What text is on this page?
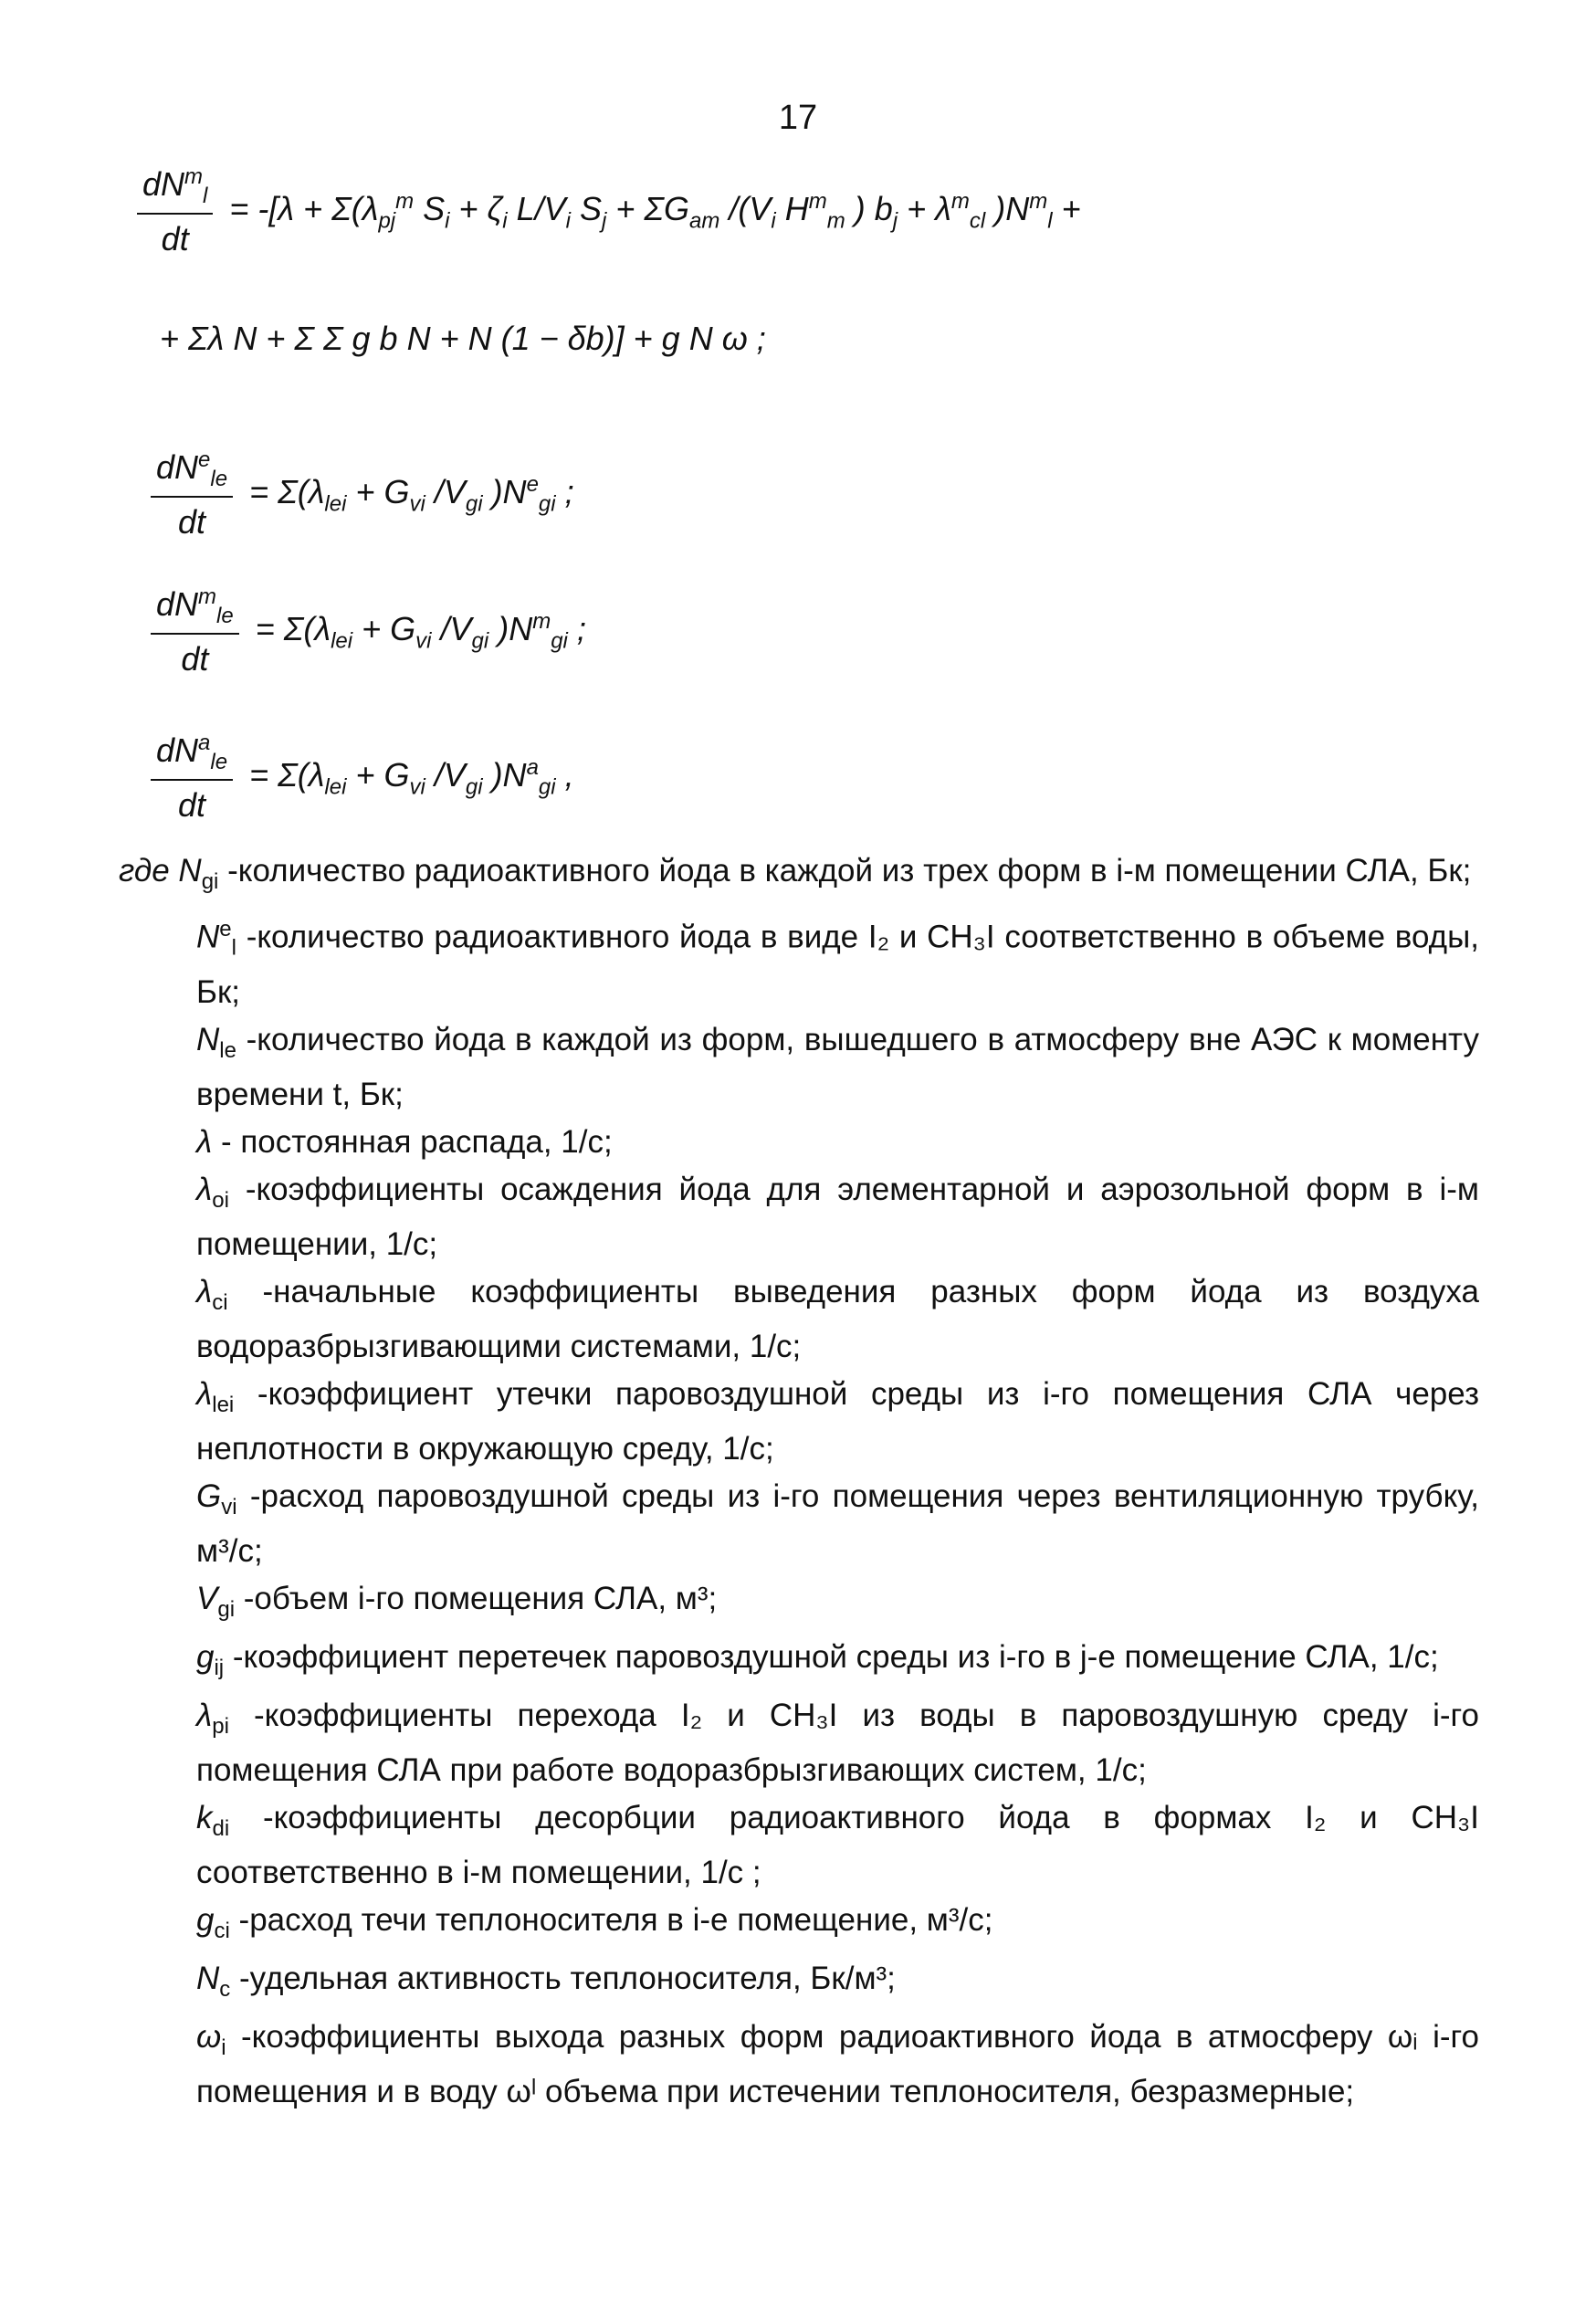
17
$\frac{dN^m_l}{dt} = -[\lambda + \Sigma(\lambda_{pj}^m$ $S_i + \zeta_i$ $L/V_i$ $S_j + \Sigma G_{am}$ $/(V_i$ $H^m_m$ ) $b_j + \lambda^m_{cl}$ )$N^m_l$ +
+ Σλ N + Σ Σ g b N + N (1 − δb)] + g N ω ;
$\frac{dN^e_{le}}{dt} = \Sigma(\lambda_{lei} + G_{vi}$ $/V_{gi}$ )$N^e_{gi}$ ;
$\frac{dN^m_{le}}{dt} = \Sigma(\lambda_{lei} + G_{vi}$ $/V_{gi}$ )$N^m_{gi}$ ;
$\frac{dN^a_{le}}{dt} = \Sigma(\lambda_{lei} + G_{vi}$ $/V_{gi}$ )$N^a_{gi}$ ,

где $N_{gi}$ -количество радиоактивного йода в каждой из трех форм в i-м помещении СЛА, Бк;

$N^e_l$ -количество радиоактивного йода в виде I₂ и CH₃I соответственно в объеме воды, Бк;

$N_{le}$ -количество йода в каждой из форм, вышедшего в атмосферу вне АЭС к моменту времени t, Бк;

λ - постоянная распада, 1/с;

$\lambda_{oi}$ -коэффициенты осаждения йода для элементарной и аэрозольной форм в i-м помещении, 1/с;

$\lambda_{ci}$ -начальные коэффициенты выведения разных форм йода из воздуха водоразбрызгивающими системами, 1/с;

$\lambda_{lei}$ -коэффициент утечки паровоздушной среды из i-го помещения СЛА через неплотности в окружающую среду, 1/с;

$G_{vi}$ -расход паровоздушной среды из i-го помещения через вентиляционную трубку, м³/с;

$V_{gi}$ -объем i-го помещения СЛА, м³;

$g_{ij}$ -коэффициент перетечек паровоздушной среды из i-го в j-е помещение СЛА, 1/с;

$\lambda_{pi}$ -коэффициенты перехода I₂ и CH₃I из воды в паровоздушную среду i-го помещения СЛА при работе водоразбрызгивающих систем, 1/с;

$k_{di}$ -коэффициенты десорбции радиоактивного йода в формах I₂ и CH₃I соответственно в i-м помещении, 1/с ;

$g_{ci}$ -расход течи теплоносителя в i-е помещение, м³/с;

$N_c$ -удельная активность теплоносителя, Бк/м³;

$\omega_i$ -коэффициенты выхода разных форм радиоактивного йода в атмосферу ωᵢ i-го помещения и в воду ωˡ объема при истечении теплоносителя, безразмерные;
